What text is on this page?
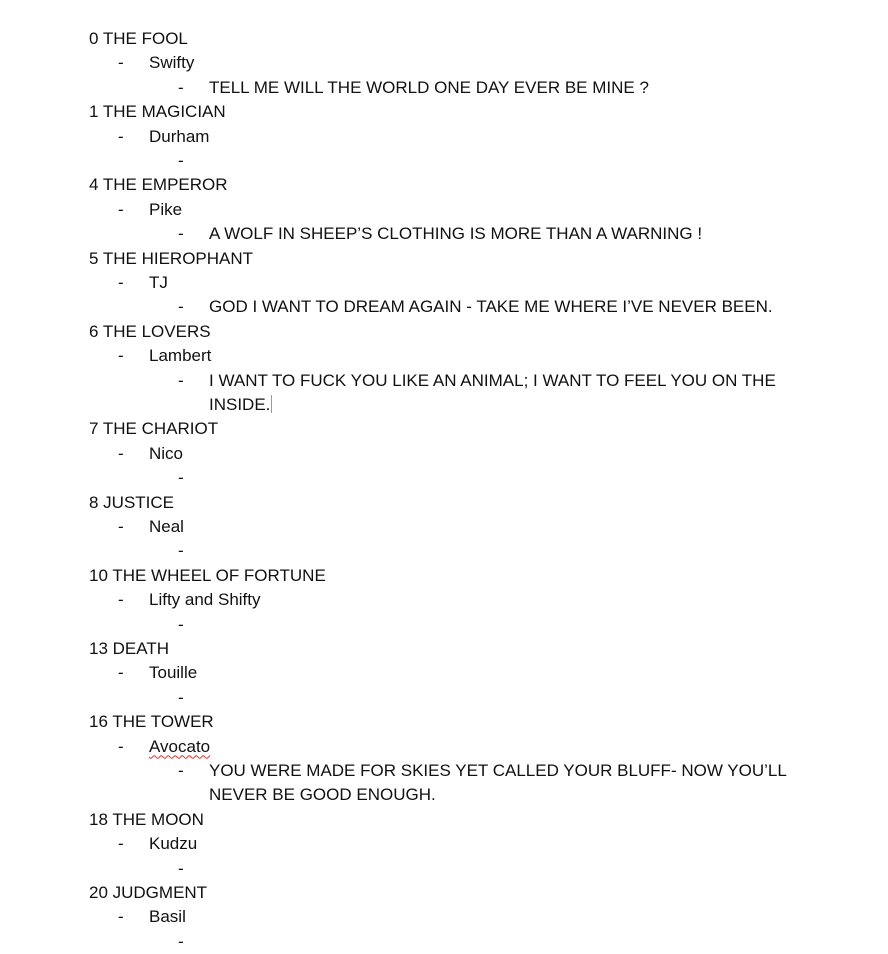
0 THE FOOL
- Swifty
- TELL ME WILL THE WORLD ONE DAY EVER BE MINE ?
1 THE MAGICIAN
- Durham
-
4 THE EMPEROR
- Pike
- A WOLF IN SHEEP’S CLOTHING IS MORE THAN A WARNING !
5 THE HIEROPHANT
- TJ
- GOD I WANT TO DREAM AGAIN - TAKE ME WHERE I’VE NEVER BEEN.
6 THE LOVERS
- Lambert
- I WANT TO FUCK YOU LIKE AN ANIMAL; I WANT TO FEEL YOU ON THE INSIDE.
7 THE CHARIOT
- Nico
-
8 JUSTICE
- Neal
-
10 THE WHEEL OF FORTUNE
- Lifty and Shifty
-
13 DEATH
- Touille
-
16 THE TOWER
- Avocato
- YOU WERE MADE FOR SKIES YET CALLED YOUR BLUFF- NOW YOU’LL NEVER BE GOOD ENOUGH.
18 THE MOON
- Kudzu
-
20 JUDGMENT
- Basil
-
